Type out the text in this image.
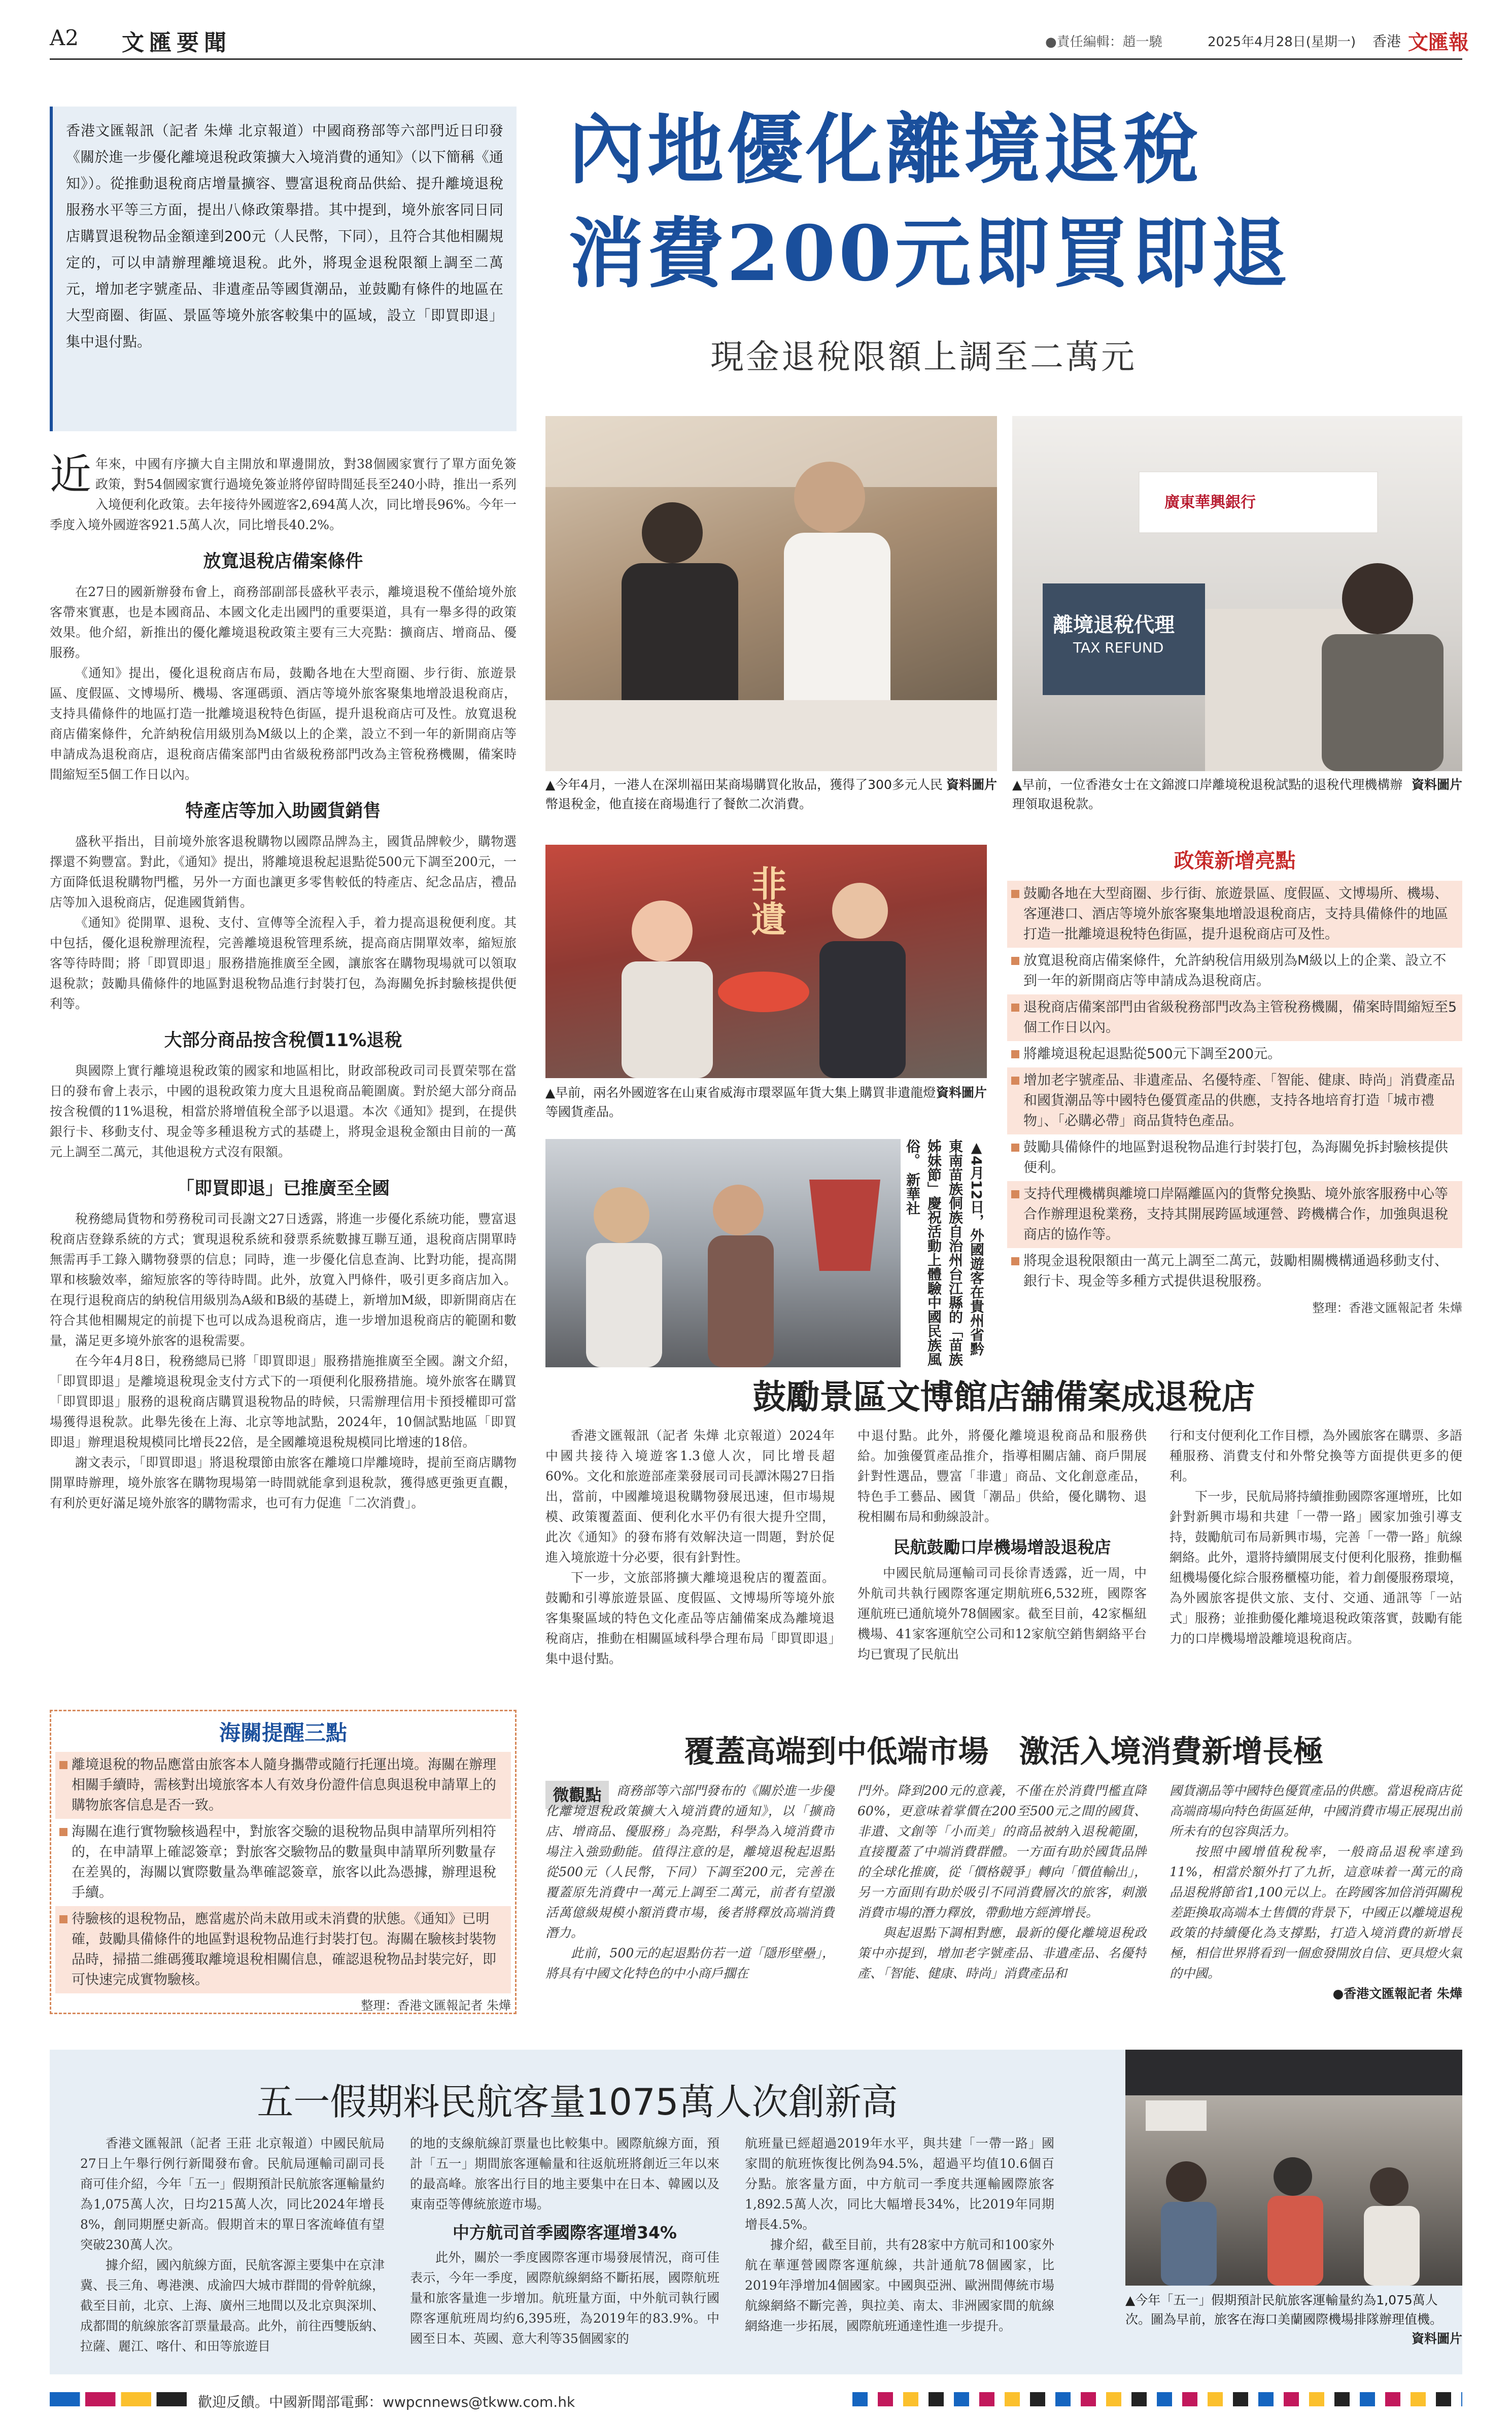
A2 文匯要聞	●責任編輯：趙一驍	2025年4月28日(星期一) 香港 文匯報
香港文匯報訊（記者 朱燁 北京報道）中國商務部等六部門近日印發《關於進一步優化離境退稅政策擴大入境消費的通知》（以下簡稱《通知》）。從推動退稅商店增量擴容、豐富退稅商品供給、提升離境退稅服務水平等三方面，提出八條政策舉措。其中提到，境外旅客同日同店購買退稅物品金額達到200元（人民幣，下同），且符合其他相關規定的，可以申請辦理離境退稅。此外，將現金退稅限額上調至二萬元，增加老字號產品、非遺產品等國貨潮品，並鼓勵有條件的地區在大型商圈、街區、景區等境外旅客較集中的區域，設立「即買即退」集中退付點。
內地優化離境退稅
消費200元即買即退
現金退稅限額上調至二萬元
近 年來，中國有序擴大自主開放和單邊開放，對38個國家實行了單方面免簽政策，對54個國家實行過境免簽並將停留時間延長至240小時，推出一系列入境便利化政策。去年接待外國遊客2,694萬人次，同比增長96%。今年一季度入境外國遊客921.5萬人次，同比增長40.2%。
放寬退稅店備案條件

在27日的國新辦發布會上，商務部副部長盛秋平表示，離境退稅不僅給境外旅客帶來實惠，也是本國商品、本國文化走出國門的重要渠道，具有一舉多得的政策效果。他介紹，新推出的優化離境退稅政策主要有三大亮點：擴商店、增商品、優服務。

《通知》提出，優化退稅商店布局，鼓勵各地在大型商圈、步行街、旅遊景區、度假區、文博場所、機場、客運碼頭、酒店等境外旅客聚集地增設退稅商店，支持具備條件的地區打造一批離境退稅特色街區，提升退稅商店可及性。放寬退稅商店備案條件，允許納稅信用級別為M級以上的企業，設立不到一年的新開商店等申請成為退稅商店，退稅商店備案部門由省級稅務部門改為主管稅務機關，備案時間縮短至5個工作日以內。

特產店等加入助國貨銷售

盛秋平指出，目前境外旅客退稅購物以國際品牌為主，國貨品牌較少，購物選擇還不夠豐富。對此，《通知》提出，將離境退稅起退點從500元下調至200元，一方面降低退稅購物門檻，另外一方面也讓更多零售較低的特產店、紀念品店，禮品店等加入退稅商店，促進國貨銷售。

《通知》從開單、退稅、支付、宣傳等全流程入手，着力提高退稅便利度。其中包括，優化退稅辦理流程，完善離境退稅管理系統，提高商店開單效率，縮短旅客等待時間；將「即買即退」服務措施推廣至全國，讓旅客在購物現場就可以領取退稅款；鼓勵具備條件的地區對退稅物品進行封裝打包，為海關免拆封驗核提供便利等。

大部分商品按含稅價11%退稅

與國際上實行離境退稅政策的國家和地區相比，財政部稅政司司長賈荣鄂在當日的發布會上表示，中國的退稅政策力度大且退稅商品範圍廣。對於絕大部分商品按含稅價的11%退稅，相當於將增值稅全部予以退還。本次《通知》提到，在提供銀行卡、移動支付、現金等多種退稅方式的基礎上，將現金退稅金額由目前的一萬元上調至二萬元，其他退稅方式沒有限額。

「即買即退」已推廣至全國

稅務總局貨物和勞務稅司司長謝文27日透露，將進一步優化系統功能，豐富退稅商店登錄系統的方式；實現退稅系統和發票系統數據互聯互通，退稅商店開單時無需再手工錄入購物發票的信息；同時，進一步優化信息查詢、比對功能，提高開單和核驗效率，縮短旅客的等待時間。此外，放寬入門條件，吸引更多商店加入。在現行退稅商店的納稅信用級別為A級和B級的基礎上，新增加M級，即新開商店在符合其他相關規定的前提下也可以成為退稅商店，進一步增加退稅商店的範圍和數量，滿足更多境外旅客的退稅需要。

在今年4月8日，稅務總局已將「即買即退」服務措施推廣至全國。謝文介紹，「即買即退」是離境退稅現金支付方式下的一項便利化服務措施。境外旅客在購買「即買即退」服務的退稅商店購買退稅物品的時候，只需辦理信用卡預授權即可當場獲得退稅款。此舉先後在上海、北京等地試點，2024年，10個試點地區「即買即退」辦理退稅規模同比增長22倍，是全國離境退稅規模同比增速的18倍。

謝文表示，「即買即退」將退稅環節由旅客在離境口岸離境時，提前至商店購物開單時辦理，境外旅客在購物現場第一時間就能拿到退稅款，獲得感更強更直觀，有利於更好滿足境外旅客的購物需求，也可有力促進「二次消費」。

資料圖片
▲今年4月，一港人在深圳福田某商場購買化妝品，獲得了300多元人民幣退稅金，他直接在商場進行了餐飲二次消費。
廣東華興銀行
離境退稅代理
TAX REFUND
資料圖片
▲早前，一位香港女士在文錦渡口岸離境稅退稅試點的退稅代理機構辦理領取退稅款。
非遺
資料圖片
▲早前，兩名外國遊客在山東省威海市環翠區年貨大集上購買非遺龍燈等國貨產品。
▲4月12日，外國遊客在貴州省黔東南苗族侗族自治州台江縣的「苗族姊妹節」慶祝活動上體驗中國民族風俗。 新華社
政策新增亮點
鼓勵各地在大型商圈、步行街、旅遊景區、度假區、文博場所、機場、客運港口、酒店等境外旅客聚集地增設退稅商店，支持具備條件的地區打造一批離境退稅特色街區，提升退稅商店可及性。
放寬退稅商店備案條件，允許納稅信用級別為M級以上的企業、設立不到一年的新開商店等申請成為退稅商店。
退稅商店備案部門由省級稅務部門改為主管稅務機關，備案時間縮短至5個工作日以內。
將離境退稅起退點從500元下調至200元。
增加老字號產品、非遺產品、名優特產、「智能、健康、時尚」消費產品和國貨潮品等中國特色優質產品的供應，支持各地培育打造「城市禮物」、「必購必帶」商品貨特色產品。
鼓勵具備條件的地區對退稅物品進行封裝打包，為海關免拆封驗核提供便利。
支持代理機構與離境口岸隔離區內的貨幣兌換點、境外旅客服務中心等合作辦理退稅業務，支持其開展跨區域運營、跨機構合作，加強與退稅商店的協作等。
將現金退稅限額由一萬元上調至二萬元，鼓勵相關機構通過移動支付、銀行卡、現金等多種方式提供退稅服務。
整理：香港文匯報記者 朱燁
鼓勵景區文博館店舖備案成退稅店

香港文匯報訊（記者 朱燁 北京報道）2024年中國共接待入境遊客1.3億人次，同比增長超60%。文化和旅遊部產業發展司司長譚沐陽27日指出，當前，中國離境退稅購物發展迅速，但市場規模、政策覆蓋面、便利化水平仍有很大提升空間，此次《通知》的發布將有效解決這一問題，對於促進入境旅遊十分必要，很有針對性。

下一步，文旅部將擴大離境退稅店的覆蓋面。鼓勵和引導旅遊景區、度假區、文博場所等境外旅客集聚區域的特色文化產品等店舖備案成為離境退稅商店，推動在相關區域科學合理布局「即買即退」集中退付點。

中退付點。此外，將優化離境退稅商品和服務供給。加強優質產品推介，指導相關店舖、商戶開展針對性選品，豐富「非遺」商品、文化創意產品，特色手工藝品、國貨「潮品」供給，優化購物、退稅相關布局和動線設計。

民航鼓勵口岸機場增設退稅店

中國民航局運輸司司長徐青透露，近一周，中外航司共執行國際客運定期航班6,532班，國際客運航班已通航境外78個國家。截至目前，42家樞紐機場、41家客運航空公司和12家航空銷售網絡平台均已實現了民航出

行和支付便利化工作目標，為外國旅客在購票、多語種服務、消費支付和外幣兌換等方面提供更多的便利。

下一步，民航局將持續推動國際客運增班，比如針對新興市場和共建「一帶一路」國家加強引導支持，鼓勵航司布局新興市場，完善「一帶一路」航線網絡。此外，還將持續開展支付便利化服務，推動樞紐機場優化綜合服務櫃檯功能，着力創優服務環境，為外國旅客提供文旅、支付、交通、通訊等「一站式」服務；並推動優化離境退稅政策落實，鼓勵有能力的口岸機場增設離境退稅商店。

海關提醒三點
離境退稅的物品應當由旅客本人隨身攜帶或隨行托運出境。海關在辦理相關手續時，需核對出境旅客本人有效身份證件信息與退稅申請單上的購物旅客信息是否一致。
海關在進行實物驗核過程中，對旅客交驗的退稅物品與申請單所列相符的，在申請單上確認簽章；對旅客交驗物品的數量與申請單所列數量存在差異的，海關以實際數量為準確認簽章，旅客以此為憑據，辦理退稅手續。
待驗核的退稅物品，應當處於尚未啟用或未消費的狀態。《通知》已明確，鼓勵具備條件的地區對退稅物品進行封裝打包。海關在驗核封裝物品時，掃描二維碼獲取離境退稅相關信息，確認退稅物品封裝完好，即可快速完成實物驗核。
整理：香港文匯報記者 朱燁
覆蓋高端到中低端市場　激活入境消費新增長極
微觀點	商務部等六部門發布的《關於進一步優化離境退稅政策擴大入境消費的通知》，以「擴商店、增商品、優服務」為亮點，科學為入境消費市場注入強勁動能。值得注意的是，離境退稅起退點從500元（人民幣，下同）下調至200元，完善在覆蓋原先消費中一萬元上調至二萬元，前者有望激活萬億級規模小額消費市場，後者將釋放高端消費潛力。

此前，500元的起退點仿若一道「隱形壁壘」，將具有中國文化特色的中小商戶擱在

門外。降到200元的意義，不僅在於消費門檻直降60%，更意味着掌價在200至500元之間的國貨、非遺、文創等「小而美」的商品被納入退稅範圍，直接覆蓋了中端消費群體。一方面有助於國貨品牌的全球化推廣，從「價格競爭」轉向「價值輸出」，另一方面則有助於吸引不同消費層次的旅客，刺激消費市場的潛力釋放，帶動地方經濟增長。

與起退點下調相對應，最新的優化離境退稅政策中亦提到，增加老字號產品、非遺產品、名優特產、「智能、健康、時尚」消費產品和

國貨潮品等中國特色優質產品的供應。當退稅商店從高端商場向特色街區延伸，中國消費市場正展現出前所未有的包容與活力。

按照中國增值稅稅率，一般商品退稅率達到11%，相當於額外打了九折，這意味着一萬元的商品退稅將節省1,100元以上。在跨國客加倍消弭關稅差距換取高端本土售價的背景下，中國正以離境退稅政策的持續優化為支撐點，打造入境消費的新增長極，相信世界將看到一個愈發開放自信、更具燈火氣的中國。

●香港文匯報記者 朱燁
五一假期料民航客量1075萬人次創新高

香港文匯報訊（記者 王莊 北京報道）中國民航局27日上午舉行例行新聞發布會。民航局運輸司副司長商可佳介紹，今年「五一」假期預計民航旅客運輸量約為1,075萬人次，日均215萬人次，同比2024年增長8%，創同期歷史新高。假期首末的單日客流峰值有望突破230萬人次。

據介紹，國內航線方面，民航客源主要集中在京津冀、長三角、粵港澳、成渝四大城市群間的骨幹航線，截至目前，北京、上海、廣州三地間以及北京與深圳、成都間的航線旅客訂票量最高。此外，前往西雙版納、拉薩、麗江、喀什、和田等旅遊目

的地的支線航線訂票量也比較集中。國際航線方面，預計「五一」期間旅客運輸量和往返航班將創近三年以來的最高峰。旅客出行目的地主要集中在日本、韓國以及東南亞等傳統旅遊市場。

中方航司首季國際客運增34%

此外，關於一季度國際客運市場發展情況，商可佳表示，今年一季度，國際航線網絡不斷拓展，國際航班量和旅客量進一步增加。航班量方面，中外航司執行國際客運航班周均約6,395班，為2019年的83.9%。中國至日本、英國、意大利等35個國家的

航班量已經超過2019年水平，與共建「一帶一路」國家間的航班恢復比例為94.5%，超過平均值10.6個百分點。旅客量方面，中方航司一季度共運輸國際旅客1,892.5萬人次，同比大幅增長34%，比2019年同期增長4.5%。

據介紹，截至目前，共有28家中方航司和100家外航在華運營國際客運航線，共計通航78個國家，比2019年淨增加4個國家。中國與亞洲、歐洲間傳統市場航線網絡不斷完善，與拉美、南太、非洲國家間的航線網絡進一步拓展，國際航班通達性進一步提升。

▲今年「五一」假期預計民航旅客運輸量約為1,075萬人次。圖為早前，旅客在海口美蘭國際機場排隊辦理值機。
資料圖片
歡迎反饋。中國新聞部電郵：wwpcnnews@tkww.com.hk
